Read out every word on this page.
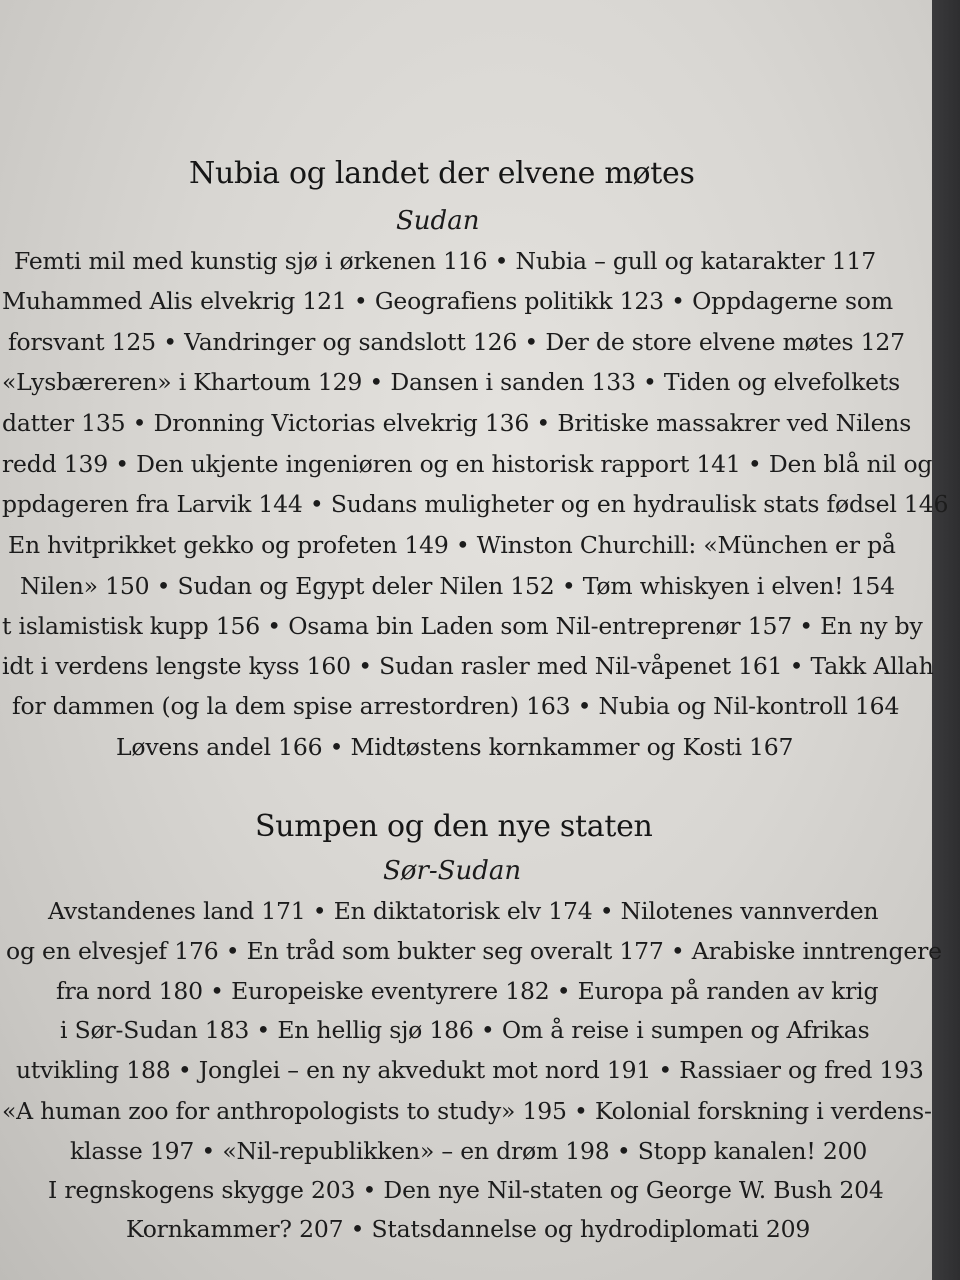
Nubia og landet der elvene møtes
Sudan
Femti mil med kunstig sjø i ørkenen 116 • Nubia – gull og katarakter 117
Muhammed Alis elvekrig 121 • Geografiens politikk 123 • Oppdagerne som
forsvant 125 • Vandringer og sandslott 126 • Der de store elvene møtes 127
«Lysbæreren» i Khartoum 129 • Dansen i sanden 133 • Tiden og elvefolkets
datter 135 • Dronning Victorias elvekrig 136 • Britiske massakrer ved Nilens
redd 139 • Den ukjente ingeniøren og en historisk rapport 141 • Den blå nil og
ppdageren fra Larvik 144 • Sudans muligheter og en hydraulisk stats fødsel 146
En hvitprikket gekko og profeten 149 • Winston Churchill: «München er på
Nilen» 150 • Sudan og Egypt deler Nilen 152 • Tøm whiskyen i elven! 154
t islamistisk kupp 156 • Osama bin Laden som Nil-entreprenør 157 • En ny by
idt i verdens lengste kyss 160 • Sudan rasler med Nil-våpenet 161 • Takk Allah
for dammen (og la dem spise arrestordren) 163 • Nubia og Nil-kontroll 164
Løvens andel 166 • Midtøstens kornkammer og Kosti 167
Sumpen og den nye staten
Sør-Sudan
Avstandenes land 171 • En diktatorisk elv 174 • Nilotenes vannverden
og en elvesjef 176 • En tråd som bukter seg overalt 177 • Arabiske inntrengere
fra nord 180 • Europeiske eventyrere 182 • Europa på randen av krig
i Sør-Sudan 183 • En hellig sjø 186 • Om å reise i sumpen og Afrikas
utvikling 188 • Jonglei – en ny akvedukt mot nord 191 • Rassiaer og fred 193
«A human zoo for anthropologists to study» 195 • Kolonial forskning i verdens-
klasse 197 • «Nil-republikken» – en drøm 198 • Stopp kanalen! 200
I regnskogens skygge 203 • Den nye Nil-staten og George W. Bush 204
Kornkammer? 207 • Statsdannelse og hydrodiplomati 209
